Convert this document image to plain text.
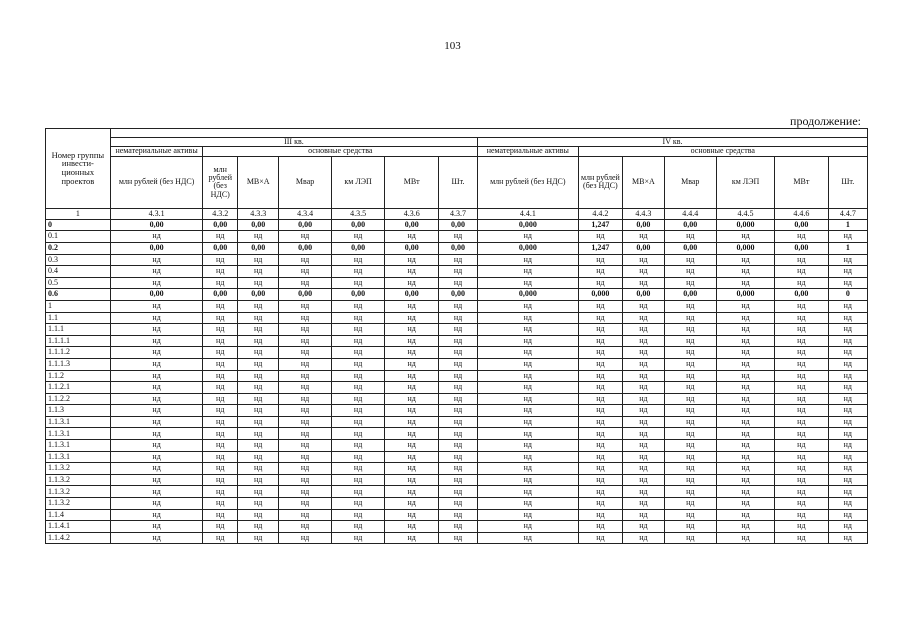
103
продолжение:
Номер группы инвести-ционных проектов														
	III кв.							IV кв.						
	нематериальные активы	основные средства						нематериальные активы	основные средства					
	млн рублей (без НДС)	млн рублей (без НДС)	МВ×А	Мвар	км ЛЭП	МВт	Шт.	млн рублей (без НДС)	млн рублей (без НДС)	МВ×А	Мвар	км ЛЭП	МВт	Шт.
1	4.3.1	4.3.2	4.3.3	4.3.4	4.3.5	4.3.6	4.3.7	4.4.1	4.4.2	4.4.3	4.4.4	4.4.5	4.4.6	4.4.7
0	0,00	0,00	0,00	0,00	0,00	0,00	0,00	0,000	1,247	0,00	0,00	0,000	0,00	1
0.1	нд	нд	нд	нд	нд	нд	нд	нд	нд	нд	нд	нд	нд	нд
0.2	0,00	0,00	0,00	0,00	0,00	0,00	0,00	0,000	1,247	0,00	0,00	0,000	0,00	1
0.3	нд	нд	нд	нд	нд	нд	нд	нд	нд	нд	нд	нд	нд	нд
0.4	нд	нд	нд	нд	нд	нд	нд	нд	нд	нд	нд	нд	нд	нд
0.5	нд	нд	нд	нд	нд	нд	нд	нд	нд	нд	нд	нд	нд	нд
0.6	0,00	0,00	0,00	0,00	0,00	0,00	0,00	0,000	0,000	0,00	0,00	0,000	0,00	0
1	нд	нд	нд	нд	нд	нд	нд	нд	нд	нд	нд	нд	нд	нд
1.1	нд	нд	нд	нд	нд	нд	нд	нд	нд	нд	нд	нд	нд	нд
1.1.1	нд	нд	нд	нд	нд	нд	нд	нд	нд	нд	нд	нд	нд	нд
1.1.1.1	нд	нд	нд	нд	нд	нд	нд	нд	нд	нд	нд	нд	нд	нд
1.1.1.2	нд	нд	нд	нд	нд	нд	нд	нд	нд	нд	нд	нд	нд	нд
1.1.1.3	нд	нд	нд	нд	нд	нд	нд	нд	нд	нд	нд	нд	нд	нд
1.1.2	нд	нд	нд	нд	нд	нд	нд	нд	нд	нд	нд	нд	нд	нд
1.1.2.1	нд	нд	нд	нд	нд	нд	нд	нд	нд	нд	нд	нд	нд	нд
1.1.2.2	нд	нд	нд	нд	нд	нд	нд	нд	нд	нд	нд	нд	нд	нд
1.1.3	нд	нд	нд	нд	нд	нд	нд	нд	нд	нд	нд	нд	нд	нд
1.1.3.1	нд	нд	нд	нд	нд	нд	нд	нд	нд	нд	нд	нд	нд	нд
1.1.3.1	нд	нд	нд	нд	нд	нд	нд	нд	нд	нд	нд	нд	нд	нд
1.1.3.1	нд	нд	нд	нд	нд	нд	нд	нд	нд	нд	нд	нд	нд	нд
1.1.3.1	нд	нд	нд	нд	нд	нд	нд	нд	нд	нд	нд	нд	нд	нд
1.1.3.2	нд	нд	нд	нд	нд	нд	нд	нд	нд	нд	нд	нд	нд	нд
1.1.3.2	нд	нд	нд	нд	нд	нд	нд	нд	нд	нд	нд	нд	нд	нд
1.1.3.2	нд	нд	нд	нд	нд	нд	нд	нд	нд	нд	нд	нд	нд	нд
1.1.3.2	нд	нд	нд	нд	нд	нд	нд	нд	нд	нд	нд	нд	нд	нд
1.1.4	нд	нд	нд	нд	нд	нд	нд	нд	нд	нд	нд	нд	нд	нд
1.1.4.1	нд	нд	нд	нд	нд	нд	нд	нд	нд	нд	нд	нд	нд	нд
1.1.4.2	нд	нд	нд	нд	нд	нд	нд	нд	нд	нд	нд	нд	нд	нд
